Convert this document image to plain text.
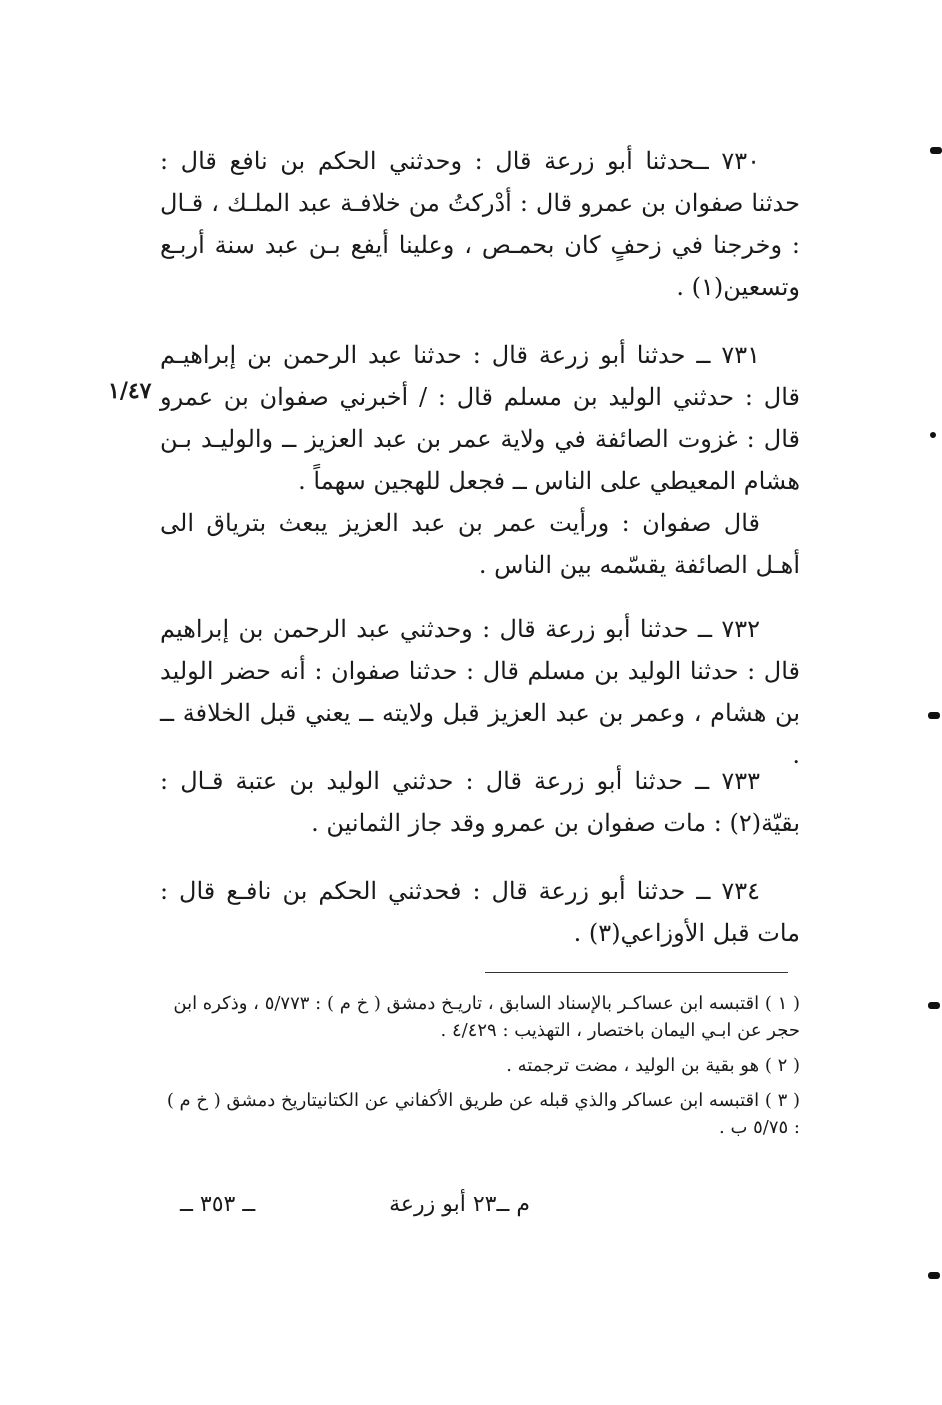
٧٣٠ ــحدثنا أبو زرعة قال : وحدثني الحكم بن نافع قال : حدثنا صفوان بن عمرو قال : أدْركتُ من خلافـة عبد الملـك ، قـال : وخرجنا في زحفٍ كان بحمـص ، وعلينا أيفع بـن عبد سنة أربـع وتسعين(١) .

٧٣١ ــ حدثنا أبو زرعة قال : حدثنا عبد الرحمن بن إبراهيـم قال : حدثني الوليد بن مسلم قال : / أخبرني صفوان بن عمرو قال : غزوت الصائفة في ولاية عمر بن عبد العزيز ــ والوليـد بـن هشام المعيطي على الناس ــ فجعل للهجين سهماً .

قال صفوان : ورأيت عمر بن عبد العزيز يبعث بترياق الى أهـل الصائفة يقسّمه بين الناس .

١/٤٧

٧٣٢ ــ حدثنا أبو زرعة قال : وحدثني عبد الرحمن بن إبراهيم قال : حدثنا الوليد بن مسلم قال : حدثنا صفوان : أنه حضر الوليد بن هشام ، وعمر بن عبد العزيز قبل ولايته ــ يعني قبل الخلافة ــ .

٧٣٣ ــ حدثنا أبو زرعة قال : حدثني الوليد بن عتبة قـال : بقيّة(٢) : مات صفوان بن عمرو وقد جاز الثمانين .

٧٣٤ ــ حدثنا أبو زرعة قال : فحدثني الحكم بن نافـع قال : مات قبل الأوزاعي(٣) .

( ١ ) اقتبسه ابن عساكـر بالإسناد السابق ، تاريـخ دمشق ( خ م ) : ٥/٧٧٣ ، وذكره ابن حجر عن ابـي اليمان باختصار ، التهذيب : ٤/٤٢٩ .

( ٢ ) هو بقية بن الوليد ، مضت ترجمته .

( ٣ ) اقتبسه ابن عساكر والذي قبله عن طريق الأكفاني عن الكتانيتاريخ دمشق ( خ م ) : ٥/٧٥ ب .

م ــ٢٣ أبو زرعة
ــ ٣٥٣ ــ
